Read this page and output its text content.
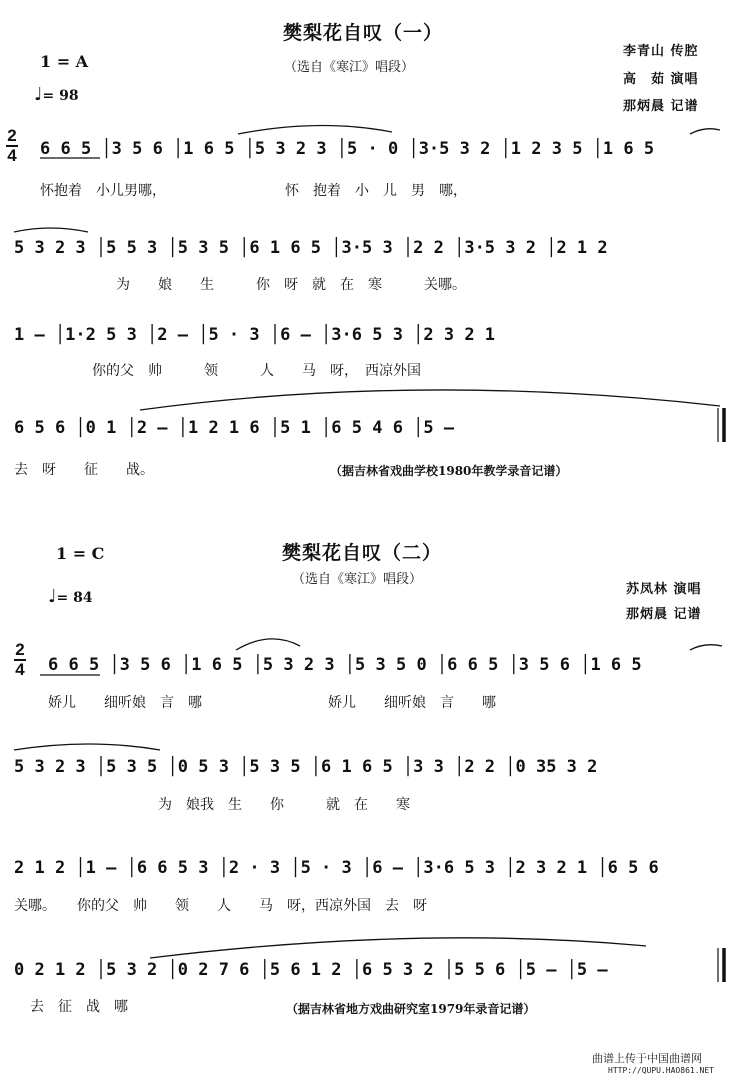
樊梨花自叹（一）
（选自《寒江》唱段）
1 = A
♩= 98
李青山 传腔
高　茹 演唱
那炳晨 记谱
2
4 6 6 5 │3 5 6 │1 6 5 │5 3 2 3 │5 · 0 │3·5 3 2 │1 2 3 5 │1 6 5
怀抱着　小儿男哪，　　　　　　　　　怀　抱着　小　儿　男　哪，
5 3 2 3 │5 5 3 │5 3 5 │6 1 6 5 │3·5 3 │2 2 │3·5 3 2 │2 1 2
　　　　为　　娘　　生　　　你　呀　就　在　寒　　　关哪。
1 – │1·2 5 3 │2 – │5 · 3 │6 – │3·6 5 3 │2 3 2 1
　　你的父　帅　　　领　　　人　　马　呀，　西凉外国
6 5 6 │0 1 │2 – │1 2 1 6 │5 1 │6 5 4 6 │5 –
去　呀　　征　　战。	（据吉林省戏曲学校1980年教学录音记谱）
樊梨花自叹（二）
（选自《寒江》唱段）
1 = C
♩= 84
苏凤林 演唱
那炳晨 记谱
2
4 6 6 5 │3 5 6 │1 6 5 │5 3 2 3 │5 3 5 0 │6 6 5 │3 5 6 │1 6 5
娇儿　　细听娘　言　哪　　　　　　　　　娇儿　　细听娘　言　　哪
5 3 2 3 │5 3 5 │0 5 3 │5 3 5 │6 1 6 5 │3 3 │2 2 │0 35 3 2
　　　　　　　为　娘我　生　　你　　　就　在　　寒
2 1 2 │1 – │6 6 5 3 │2 · 3 │5 · 3 │6 – │3·6 5 3 │2 3 2 1 │6 5 6
关哪。　　你的父　帅　　领　　人　　马　呀，西凉外国　去　呀
0 2 1 2 │5 3 2 │0 2 7 6 │5 6 1 2 │6 5 3 2 │5 5 6 │5 – │5 –
去　征　战　哪	（据吉林省地方戏曲研究室1979年录音记谱）
曲谱上传于中国曲谱网
HTTP://QUPU.HAO861.NET
